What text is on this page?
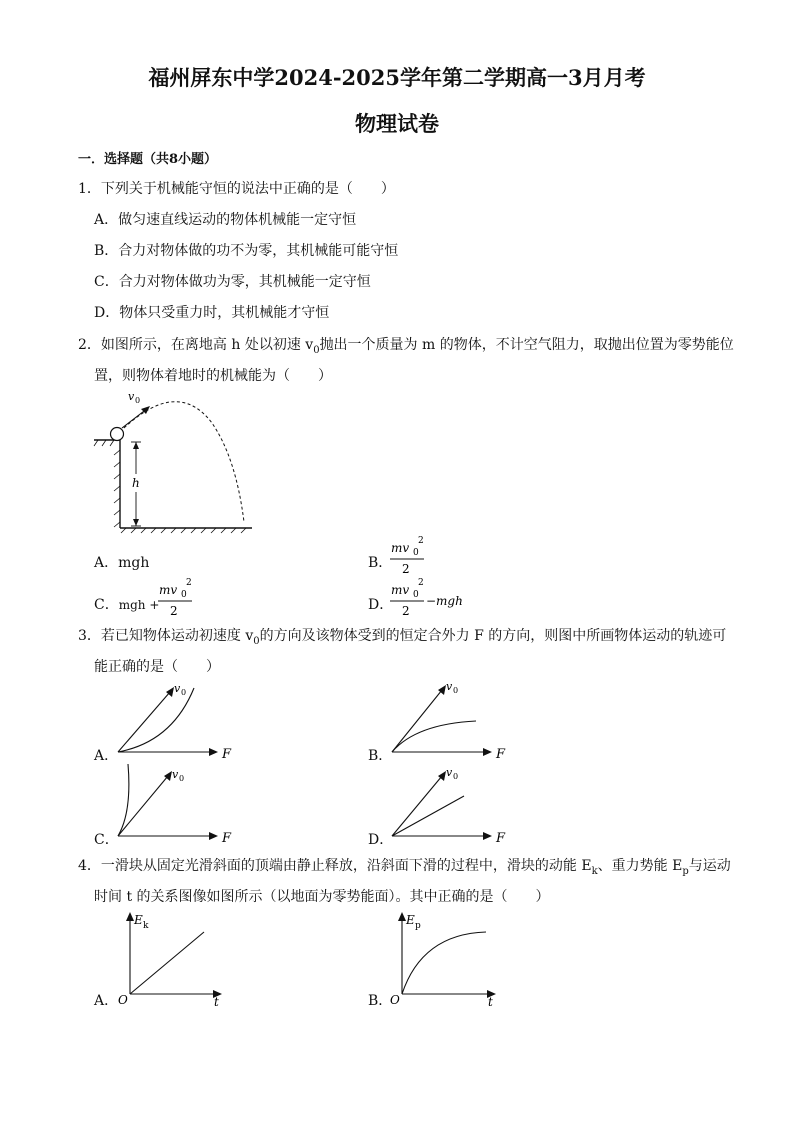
福州屏东中学2024-2025学年第二学期高一3月月考
物理试卷
一．选择题（共8小题）
1．下列关于机械能守恒的说法中正确的是（　　）
A．做匀速直线运动的物体机械能一定守恒
B．合力对物体做的功不为零，其机械能可能守恒
C．合力对物体做功为零，其机械能一定守恒
D．物体只受重力时，其机械能才守恒
2．如图所示，在离地高 h 处以初速 $v_0$抛出一个质量为 m 的物体，不计空气阻力，取抛出位置为零势能位
置，则物体着地时的机械能为（　　）
v 0
h
A．mgh	B．
mv 0
2
2
C．mgh +
mv 0
2
2	D．
mv 0
2
2
−mgh
3．若已知物体运动初速度 $v_0$的方向及该物体受到的恒定合外力 F 的方向，则图中所画物体运动的轨迹可
能正确的是（　　）
A．
v 0
F	B．
v 0
F
C．
v 0
F	D．
v 0
F
4．一滑块从固定光滑斜面的顶端由静止释放，沿斜面下滑的过程中，滑块的动能 $E_k$、重力势能 $E_p$与运动
时间 t 的关系图像如图所示（以地面为零势能面）。其中正确的是（　　）
A．
E k
O	t	B．
E p
O	t
